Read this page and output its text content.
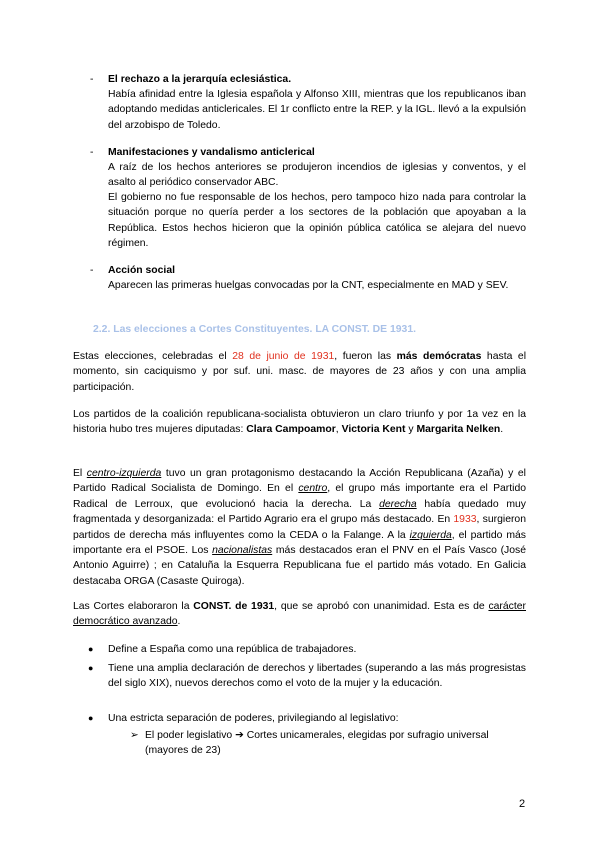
- El rechazo a la jerarquía eclesiástica.

Había afinidad entre la Iglesia española y Alfonso XIII, mientras que los republicanos iban adoptando medidas anticlericales. El 1r conflicto entre la REP. y la IGL. llevó a la expulsión del arzobispo de Toledo.

- Manifestaciones y vandalismo anticlerical

A raíz de los hechos anteriores se produjeron incendios de iglesias y conventos, y el asalto al periódico conservador ABC.

El gobierno no fue responsable de los hechos, pero tampoco hizo nada para controlar la situación porque no quería perder a los sectores de la población que apoyaban a la República. Estos hechos hicieron que la opinión pública católica se alejara del nuevo régimen.

- Acción social

Aparecen las primeras huelgas convocadas por la CNT, especialmente en MAD y SEV.

2.2. Las elecciones a Cortes Constituyentes. LA CONST. DE 1931.

Estas elecciones, celebradas el 28 de junio de 1931, fueron las más demócratas hasta el momento, sin caciquismo y por suf. uni. masc. de mayores de 23 años y con una amplia participación.

Los partidos de la coalición republicana-socialista obtuvieron un claro triunfo y por 1a vez en la historia hubo tres mujeres diputadas: Clara Campoamor, Victoria Kent y Margarita Nelken.

El centro-izquierda tuvo un gran protagonismo destacando la Acción Republicana (Azaña) y el Partido Radical Socialista de Domingo. En el centro, el grupo más importante era el Partido Radical de Lerroux, que evolucionó hacia la derecha. La derecha había quedado muy fragmentada y desorganizada: el Partido Agrario era el grupo más destacado. En 1933, surgieron partidos de derecha más influyentes como la CEDA o la Falange. A la izquierda, el partido más importante era el PSOE. Los nacionalistas más destacados eran el PNV en el País Vasco (José Antonio Aguirre) ; en Cataluña la Esquerra Republicana fue el partido más votado. En Galicia destacaba ORGA (Casaste Quiroga).

Las Cortes elaboraron la CONST. de 1931, que se aprobó con unanimidad. Esta es de carácter democrático avanzado.

● Define a España como una república de trabajadores.

● Tiene una amplia declaración de derechos y libertades (superando a las más progresistas del siglo XIX), nuevos derechos como el voto de la mujer y la educación.

● Una estricta separación de poderes, privilegiando al legislativo:

➢ El poder legislativo ➔ Cortes unicamerales, elegidas por sufragio universal (mayores de 23)

2
